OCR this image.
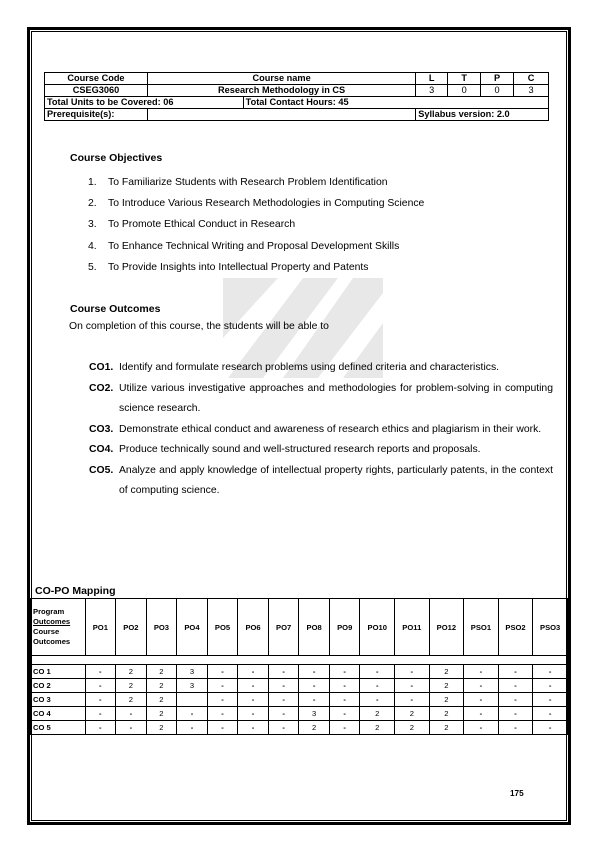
Course Code	Course name		L	T	P	C
CSEG3060	Research Methodology in CS		3	0	0	3
Total Units to be Covered: 06		Total Contact Hours: 45				
Prerequisite(s):			Syllabus version: 2.0			
Course Objectives
1. To Familiarize Students with Research Problem Identification
2. To Introduce Various Research Methodologies in Computing Science
3. To Promote Ethical Conduct in Research
4. To Enhance Technical Writing and Proposal Development Skills
5. To Provide Insights into Intellectual Property and Patents
Course Outcomes
On completion of this course, the students will be able to
CO1. Identify and formulate research problems using defined criteria and characteristics.
CO2. Utilize various investigative approaches and methodologies for problem-solving in computing science research.
CO3. Demonstrate ethical conduct and awareness of research ethics and plagiarism in their work.
CO4. Produce technically sound and well-structured research reports and proposals.
CO5. Analyze and apply knowledge of intellectual property rights, particularly patents, in the context of computing science.
CO-PO Mapping
Program
Outcomes
Course
Outcomes	PO1	PO2	PO3	PO4	PO5	PO6	PO7	PO8	PO9	PO10	PO11	PO12	PSO1	PSO2	PSO3

CO 1	-	2	2	3	-	-	-	-	-	-	-	2	-	-	-
CO 2	-	2	2	3	-	-	-	-	-	-	-	2	-	-	-
CO 3	-	2	2		-	-	-	-	-	-	-	2	-	-	-
CO 4	-	-	2	-	-	-	-	3	-	2	2	2	-	-	-
CO 5	-	-	2	-	-	-	-	2	-	2	2	2	-	-	-
175
